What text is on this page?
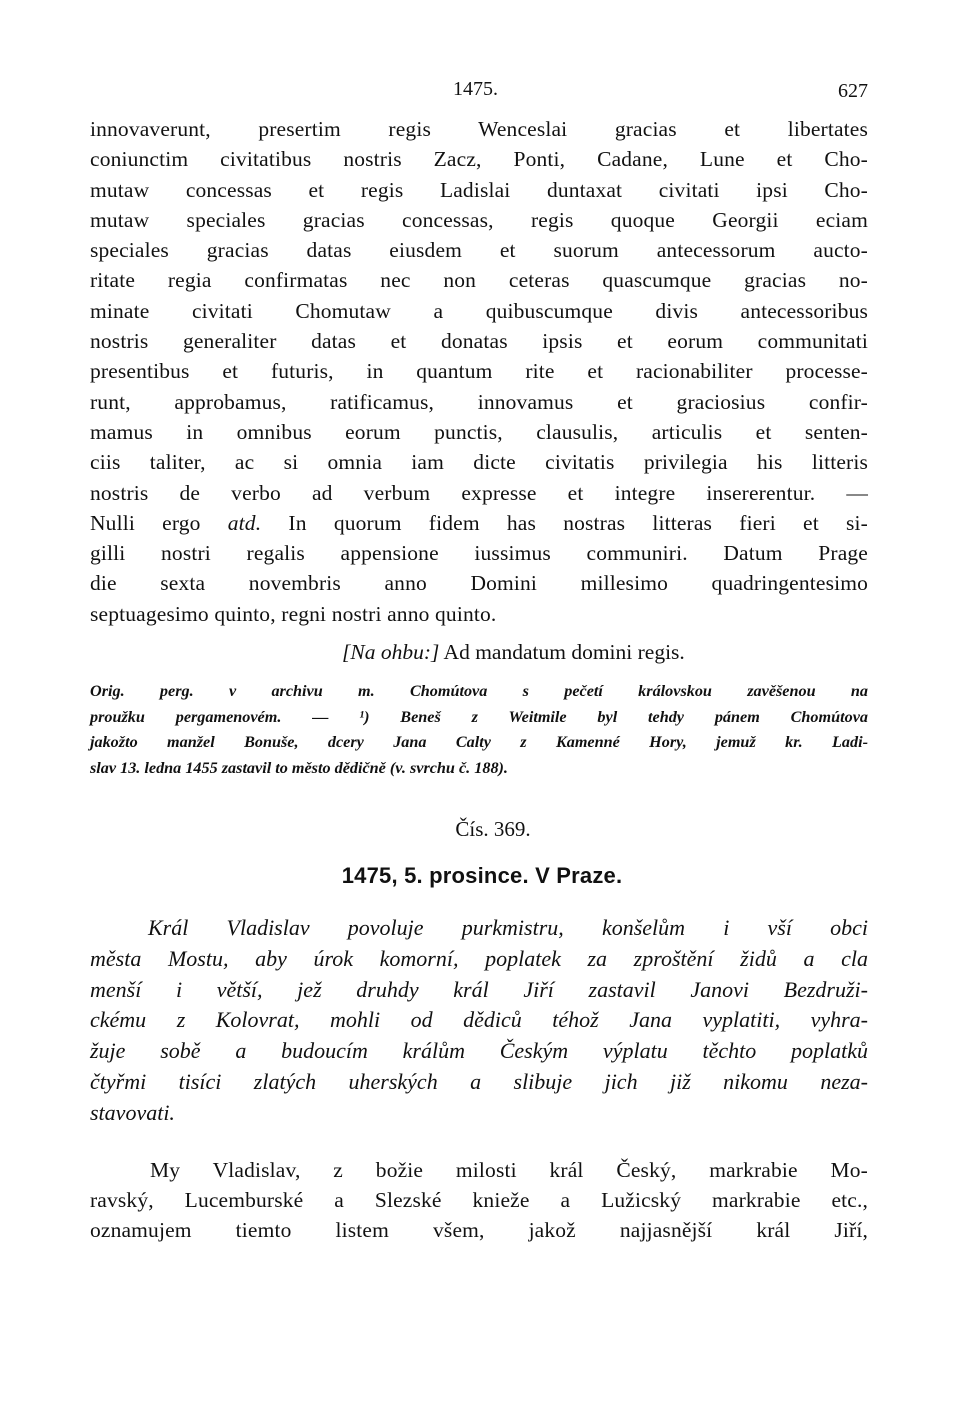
1475.	627
innovaverunt, presertim regis Wenceslai gracias et libertates
coniunctim civitatibus nostris Zacz, Ponti, Cadane, Lune et Cho-
mutaw concessas et regis Ladislai duntaxat civitati ipsi Cho-
mutaw speciales gracias concessas, regis quoque Georgii eciam
speciales gracias datas eiusdem et suorum antecessorum aucto-
ritate regia confirmatas nec non ceteras quascumque gracias no-
minate civitati Chomutaw a quibuscumque divis antecessoribus
nostris generaliter datas et donatas ipsis et eorum communitati
presentibus et futuris, in quantum rite et racionabiliter processe-
runt, approbamus, ratificamus, innovamus et graciosius confir-
mamus in omnibus eorum punctis, clausulis, articulis et senten-
ciis taliter, ac si omnia iam dicte civitatis privilegia his litteris
nostris de verbo ad verbum expresse et integre insererentur. —
Nulli ergo atd. In quorum fidem has nostras litteras fieri et si-
gilli nostri regalis appensione iussimus communiri. Datum Prage
die sexta novembris anno Domini millesimo quadringentesimo
septuagesimo quinto, regni nostri anno quinto.
[Na ohbu:] Ad mandatum domini regis.
Orig. perg. v archivu m. Chomútova s pečetí královskou zavěšenou na
proužku pergamenovém. — ¹) Beneš z Weitmile byl tehdy pánem Chomútova
jakožto manžel Bonuše, dcery Jana Calty z Kamenné Hory, jemuž kr. Ladi-
slav 13. ledna 1455 zastavil to město dědičně (v. svrchu č. 188).
Čís. 369.
1475, 5. prosince. V Praze.
Král Vladislav povoluje purkmistru, konšelům i vší obci
města Mostu, aby úrok komorní, poplatek za zproštění židů a cla
menší i větší, jež druhdy král Jiří zastavil Janovi Bezdruži-
ckému z Kolovrat, mohli od dědiců téhož Jana vyplatiti, vyhra-
žuje sobě a budoucím králům Českým výplatu těchto poplatků
čtyřmi tisíci zlatých uherských a slibuje jich již nikomu neza-
stavovati.
My Vladislav, z božie milosti král Český, markrabie Mo-
ravský, Lucemburské a Slezské knieže a Lužicský markrabie etc.,
oznamujem tiemto listem všem, jakož najjasnější král Jiří,
